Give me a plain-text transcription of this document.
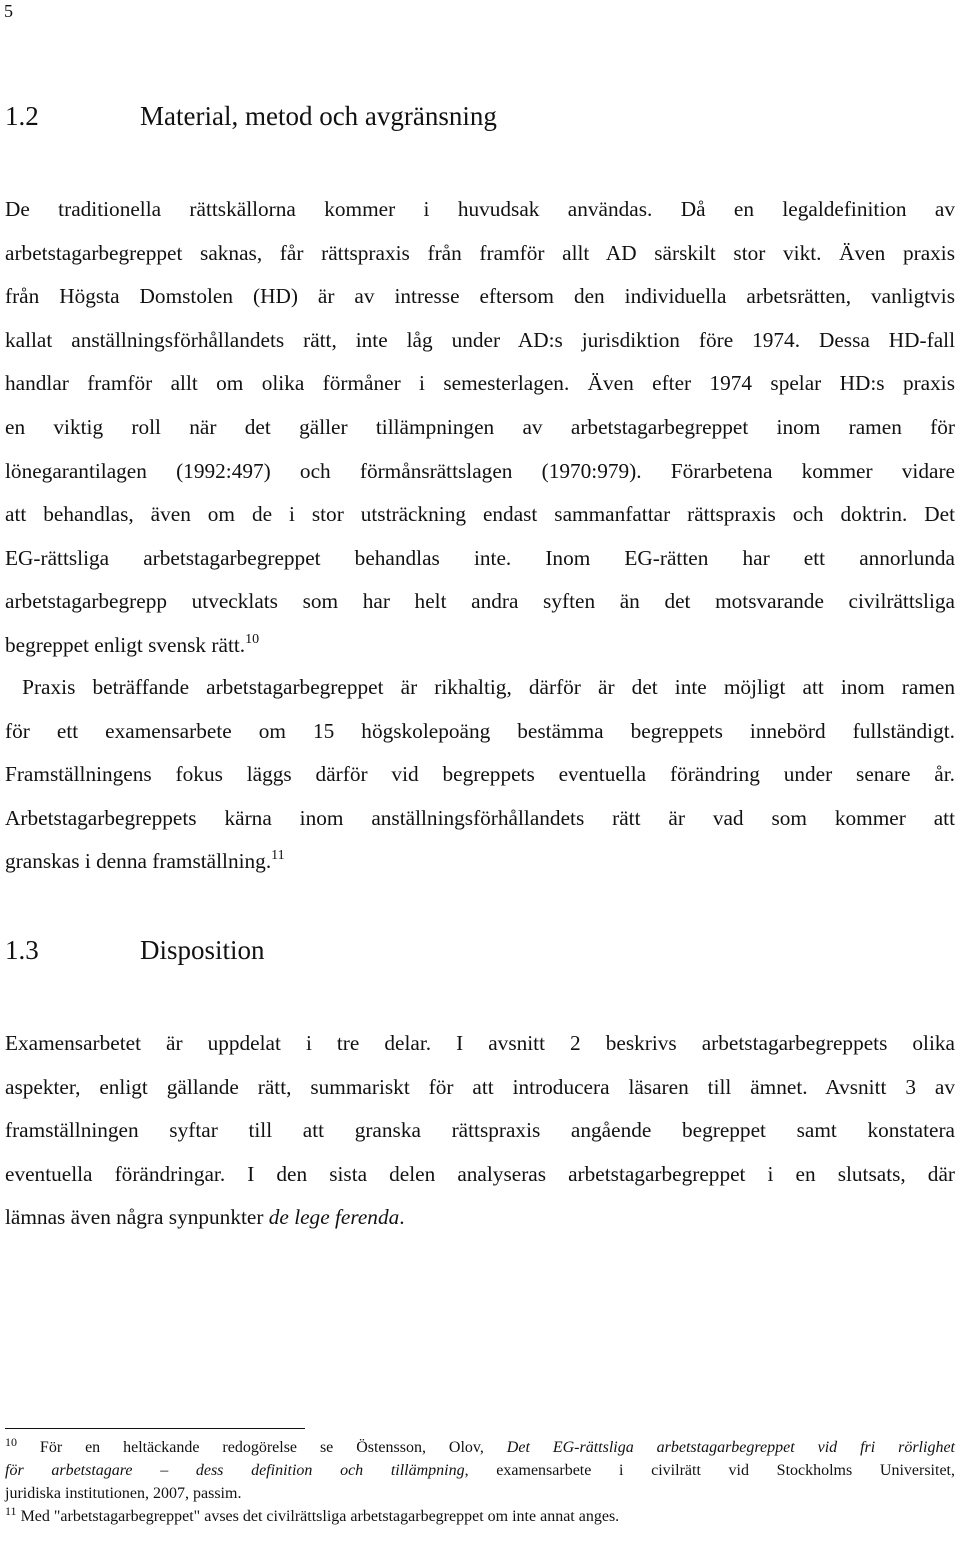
5
1.2	Material, metod och avgränsning
De traditionella rättskällorna kommer i huvudsak användas. Då en legaldefinition av
arbetstagarbegreppet saknas, får rättspraxis från framför allt AD särskilt stor vikt. Även praxis
från Högsta Domstolen (HD) är av intresse eftersom den individuella arbetsrätten, vanligtvis
kallat anställningsförhållandets rätt, inte låg under AD:s jurisdiktion före 1974. Dessa HD-fall
handlar framför allt om olika förmåner i semesterlagen. Även efter 1974 spelar HD:s praxis
en viktig roll när det gäller tillämpningen av arbetstagarbegreppet inom ramen för
lönegarantilagen (1992:497) och förmånsrättslagen (1970:979). Förarbetena kommer vidare
att behandlas, även om de i stor utsträckning endast sammanfattar rättspraxis och doktrin. Det
EG-rättsliga arbetstagarbegreppet behandlas inte. Inom EG-rätten har ett annorlunda
arbetstagarbegrepp utvecklats som har helt andra syften än det motsvarande civilrättsliga
begreppet enligt svensk rätt.$^{10}$
Praxis beträffande arbetstagarbegreppet är rikhaltig, därför är det inte möjligt att inom ramen
för ett examensarbete om 15 högskolepoäng bestämma begreppets innebörd fullständigt.
Framställningens fokus läggs därför vid begreppets eventuella förändring under senare år.
Arbetstagarbegreppets kärna inom anställningsförhållandets rätt är vad som kommer att
granskas i denna framställning.$^{11}$
1.3	Disposition
Examensarbetet är uppdelat i tre delar. I avsnitt 2 beskrivs arbetstagarbegreppets olika
aspekter, enligt gällande rätt, summariskt för att introducera läsaren till ämnet. Avsnitt 3 av
framställningen syftar till att granska rättspraxis angående begreppet samt konstatera
eventuella förändringar. I den sista delen analyseras arbetstagarbegreppet i en slutsats, där
lämnas även några synpunkter de lege ferenda.
$^{10}$ För en heltäckande redogörelse se Östensson, Olov, Det EG-rättsliga arbetstagarbegreppet vid fri rörlighet
för arbetstagare – dess definition och tillämpning, examensarbete i civilrätt vid Stockholms Universitet,
juridiska institutionen, 2007, passim.
$^{11}$ Med "arbetstagarbegreppet" avses det civilrättsliga arbetstagarbegreppet om inte annat anges.
